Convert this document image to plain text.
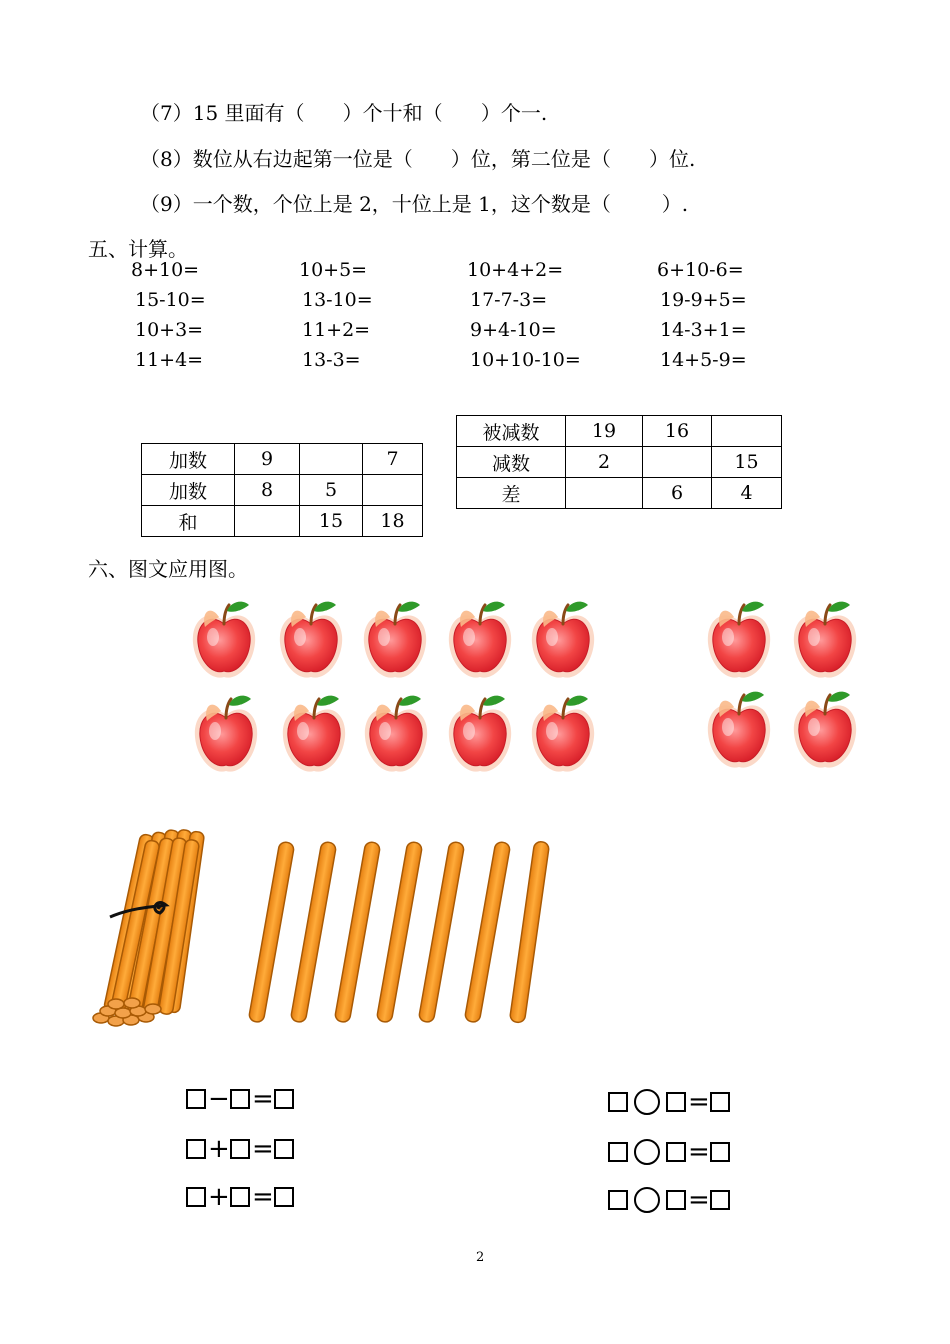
（7）15 里面有（      ）个十和（      ）个一.
（8）数位从右边起第一位是（      ）位，第二位是（      ）位.
（9）一个数，个位上是 2，十位上是 1，这个数是（        ）.
五、计算。
8+10=	10+5=	10+4+2=	6+10-6=
15-10=	13-10=	17-7-3=	19-9+5=
10+3=	11+2=	9+4-10=	14-3+1=
11+4=	13-3=	10+10-10=	14+5-9=
加数	9		7
加数	8	5	
和		15	18
被减数	19	16	
减数	2		15
差		6	4
六、图文应用图。
− =
+ =
+ =
=
=
=
2
